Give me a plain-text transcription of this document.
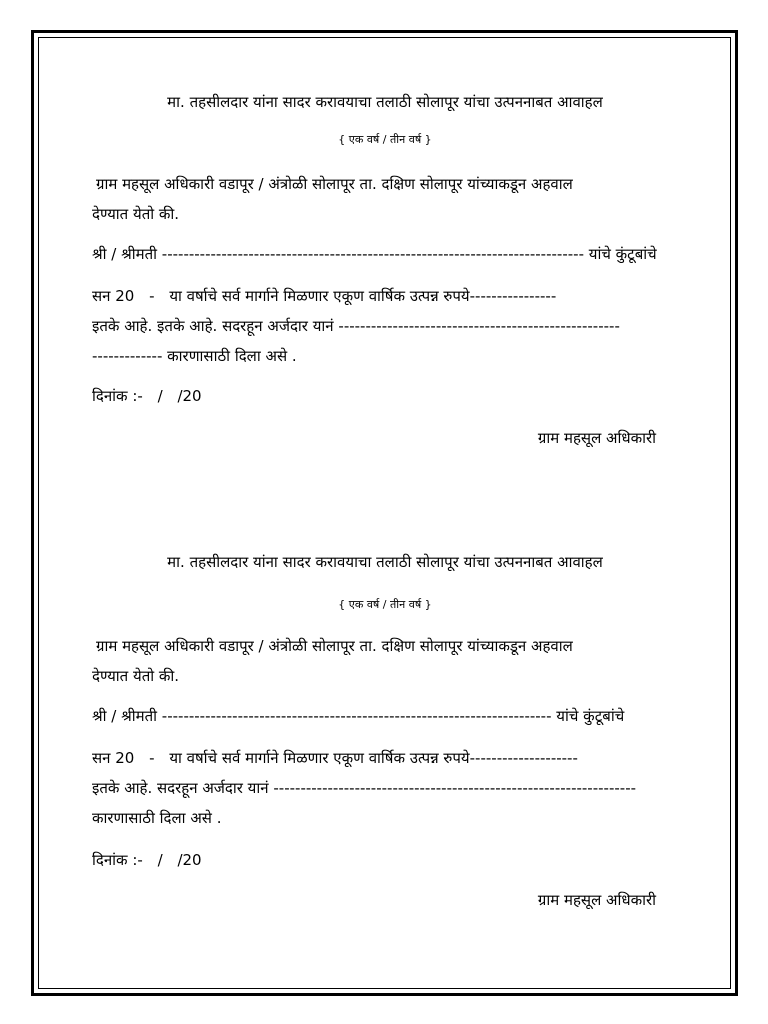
मा. तहसीलदार यांना सादर करावयाचा तलाठी सोलापूर यांचा उत्पननाबत आवाहल
{ एक वर्ष / तीन वर्ष }
ग्राम महसूल अधिकारी वडापूर / अंत्रोळी सोलापूर ता. दक्षिण सोलापूर यांच्याकडून अहवाल
देण्यात येतो की.
श्री / श्रीमती ------------------------------------------------------------------------------ यांचे कुंटूबांचे
सन 20 - या वर्षाचे सर्व मार्गाने मिळणार एकूण वार्षिक उत्पन्न रुपये----------------
इतके आहे. इतके आहे. सदरहून अर्जदार यानं ----------------------------------------------------
------------- कारणासाठी दिला असे .
दिनांक :- / /20
ग्राम महसूल अधिकारी
मा. तहसीलदार यांना सादर करावयाचा तलाठी सोलापूर यांचा उत्पननाबत आवाहल
{ एक वर्ष / तीन वर्ष }
ग्राम महसूल अधिकारी वडापूर / अंत्रोळी सोलापूर ता. दक्षिण सोलापूर यांच्याकडून अहवाल
देण्यात येतो की.
श्री / श्रीमती ------------------------------------------------------------------------ यांचे कुंटूबांचे
सन 20 - या वर्षाचे सर्व मार्गाने मिळणार एकूण वार्षिक उत्पन्न रुपये--------------------
इतके आहे. सदरहून अर्जदार यानं -------------------------------------------------------------------
कारणासाठी दिला असे .
दिनांक :- / /20
ग्राम महसूल अधिकारी
